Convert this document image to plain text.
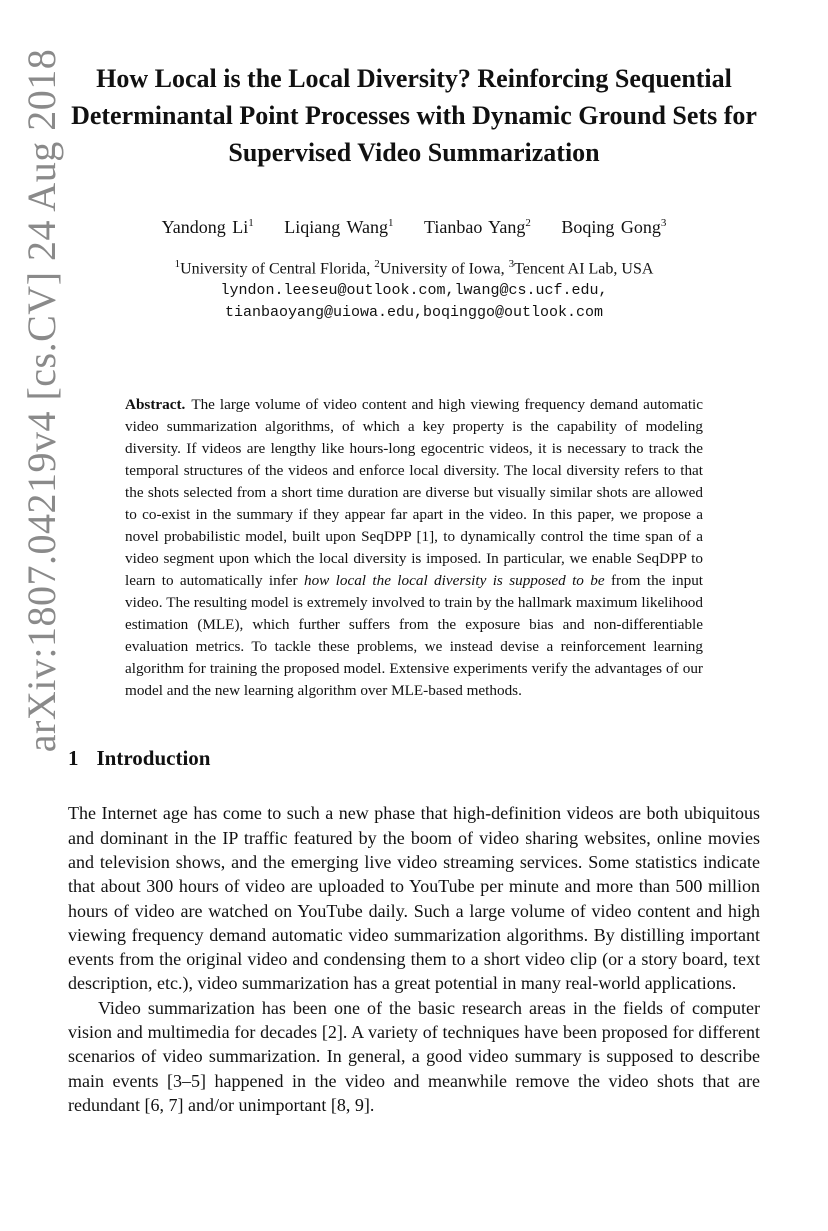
arXiv:1807.04219v4 [cs.CV] 24 Aug 2018	How Local is the Local Diversity? Reinforcing Sequential Determinantal Point Processes with Dynamic Ground Sets for Supervised Video Summarization
Yandong Li$^1$ Liqiang Wang$^1$ Tianbao Yang$^2$ Boqing Gong$^3$
$^1$University of Central Florida, $^2$University of Iowa, $^3$Tencent AI Lab, USA
lyndon.leeseu@outlook.com,lwang@cs.ucf.edu,
tianbaoyang@uiowa.edu,boqinggo@outlook.com
Abstract. The large volume of video content and high viewing frequency demand automatic video summarization algorithms, of which a key property is the capability of modeling diversity. If videos are lengthy like hours-long egocentric videos, it is necessary to track the temporal structures of the videos and enforce local diversity. The local diversity refers to that the shots selected from a short time duration are diverse but visually similar shots are allowed to co-exist in the summary if they appear far apart in the video. In this paper, we propose a novel probabilistic model, built upon SeqDPP [1], to dynamically control the time span of a video segment upon which the local diversity is imposed. In particular, we enable SeqDPP to learn to automatically infer how local the local diversity is supposed to be from the input video. The resulting model is extremely involved to train by the hallmark maximum likelihood estimation (MLE), which further suffers from the exposure bias and non-differentiable evaluation metrics. To tackle these problems, we instead devise a reinforcement learning algorithm for training the proposed model. Extensive experiments verify the advantages of our model and the new learning algorithm over MLE-based methods.
1 Introduction

The Internet age has come to such a new phase that high-definition videos are both ubiquitous and dominant in the IP traffic featured by the boom of video sharing websites, online movies and television shows, and the emerging live video streaming services. Some statistics indicate that about 300 hours of video are uploaded to YouTube per minute and more than 500 million hours of video are watched on YouTube daily. Such a large volume of video content and high viewing frequency demand automatic video summarization algorithms. By distilling important events from the original video and condensing them to a short video clip (or a story board, text description, etc.), video summarization has a great potential in many real-world applications.

Video summarization has been one of the basic research areas in the fields of computer vision and multimedia for decades [2]. A variety of techniques have been proposed for different scenarios of video summarization. In general, a good video summary is supposed to describe main events [3–5] happened in the video and meanwhile remove the video shots that are redundant [6, 7] and/or unimportant [8, 9].
